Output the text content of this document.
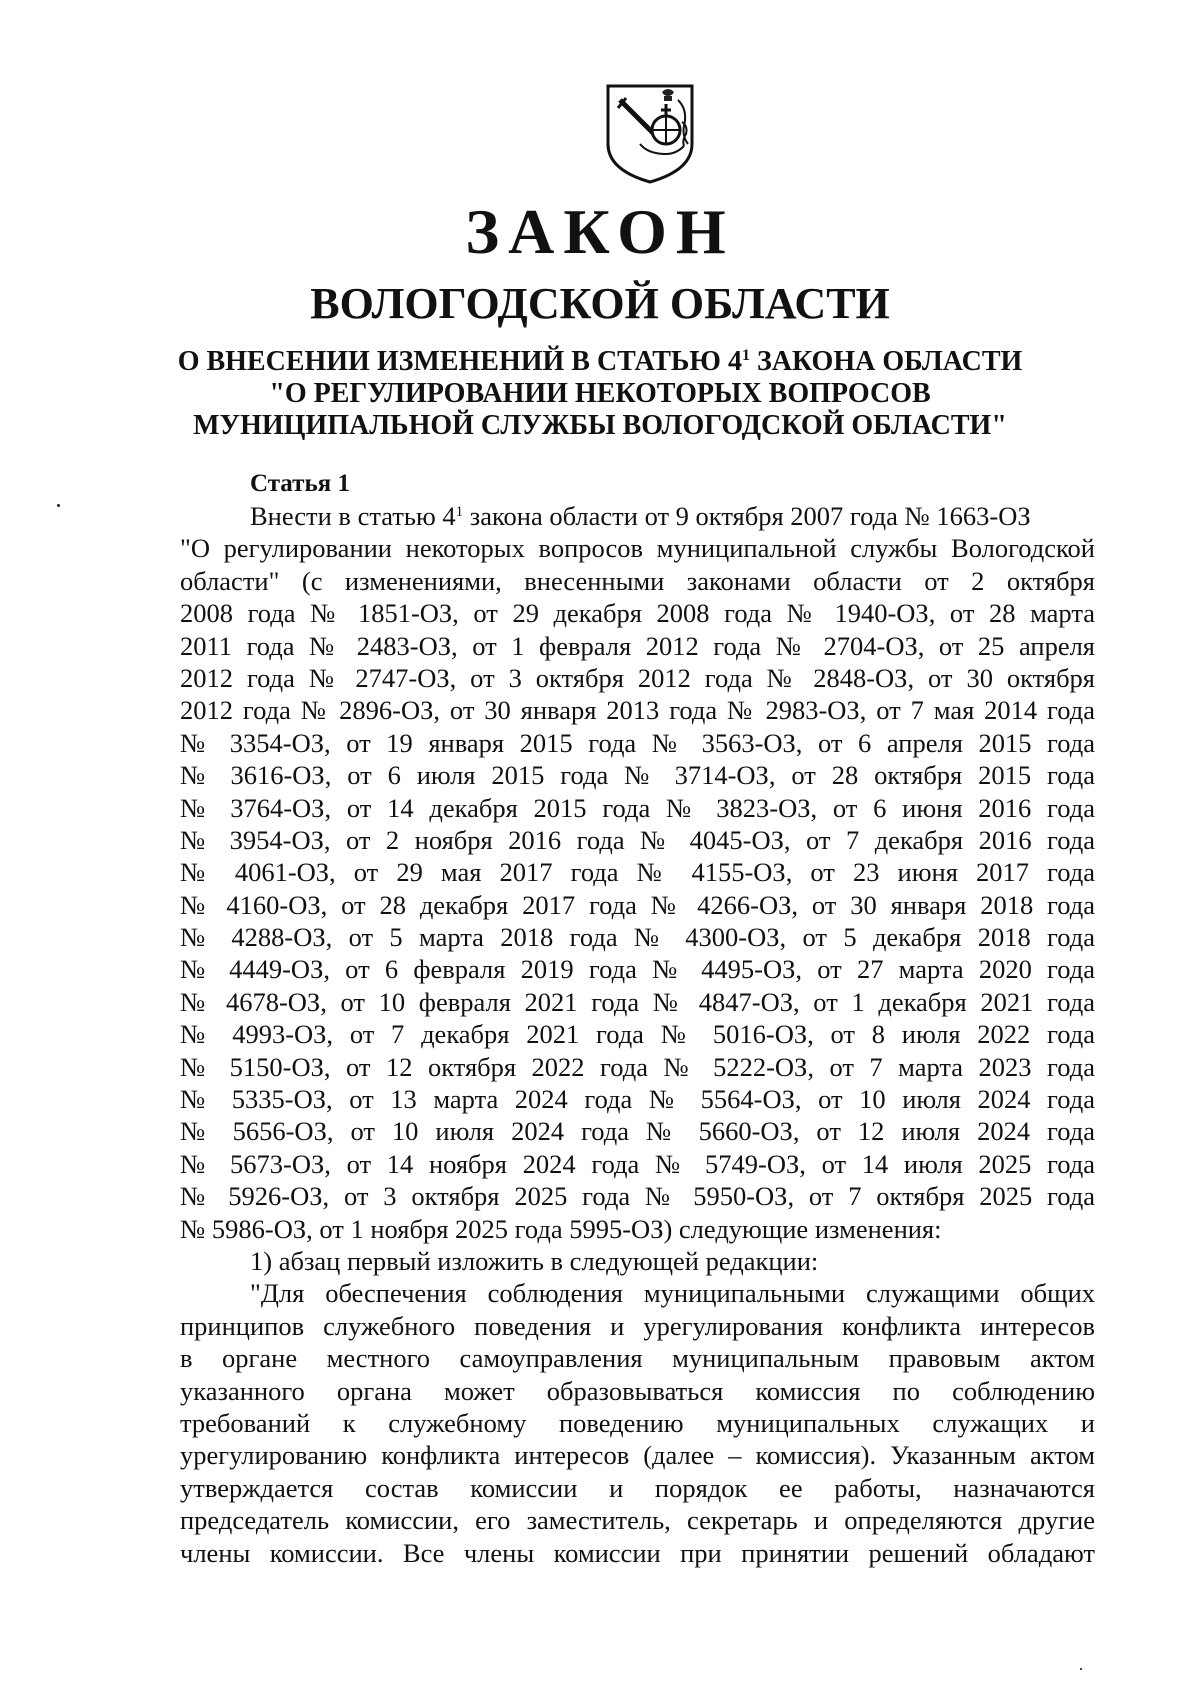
ЗАКОН
ВОЛОГОДСКОЙ ОБЛАСТИ
О ВНЕСЕНИИ ИЗМЕНЕНИЙ В СТАТЬЮ $4^1$ ЗАКОНА ОБЛАСТИ
"О РЕГУЛИРОВАНИИ НЕКОТОРЫХ ВОПРОСОВ
МУНИЦИПАЛЬНОЙ СЛУЖБЫ ВОЛОГОДСКОЙ ОБЛАСТИ"
Статья 1
Внести в статью $4^1$ закона области от 9 октября 2007 года № 1663-ОЗ
"О регулировании некоторых вопросов муниципальной службы Вологодской
области" (с изменениями, внесенными законами области от 2 октября
2008 года № 1851-ОЗ, от 29 декабря 2008 года № 1940-ОЗ, от 28 марта
2011 года № 2483-ОЗ, от 1 февраля 2012 года № 2704-ОЗ, от 25 апреля
2012 года № 2747-ОЗ, от 3 октября 2012 года № 2848-ОЗ, от 30 октября
2012 года № 2896-ОЗ, от 30 января 2013 года № 2983-ОЗ, от 7 мая 2014 года
№ 3354-ОЗ, от 19 января 2015 года № 3563-ОЗ, от 6 апреля 2015 года
№ 3616-ОЗ, от 6 июля 2015 года № 3714-ОЗ, от 28 октября 2015 года
№ 3764-ОЗ, от 14 декабря 2015 года № 3823-ОЗ, от 6 июня 2016 года
№ 3954-ОЗ, от 2 ноября 2016 года № 4045-ОЗ, от 7 декабря 2016 года
№ 4061-ОЗ, от 29 мая 2017 года № 4155-ОЗ, от 23 июня 2017 года
№ 4160-ОЗ, от 28 декабря 2017 года № 4266-ОЗ, от 30 января 2018 года
№ 4288-ОЗ, от 5 марта 2018 года № 4300-ОЗ, от 5 декабря 2018 года
№ 4449-ОЗ, от 6 февраля 2019 года № 4495-ОЗ, от 27 марта 2020 года
№ 4678-ОЗ, от 10 февраля 2021 года № 4847-ОЗ, от 1 декабря 2021 года
№ 4993-ОЗ, от 7 декабря 2021 года № 5016-ОЗ, от 8 июля 2022 года
№ 5150-ОЗ, от 12 октября 2022 года № 5222-ОЗ, от 7 марта 2023 года
№ 5335-ОЗ, от 13 марта 2024 года № 5564-ОЗ, от 10 июля 2024 года
№ 5656-ОЗ, от 10 июля 2024 года № 5660-ОЗ, от 12 июля 2024 года
№ 5673-ОЗ, от 14 ноября 2024 года № 5749-ОЗ, от 14 июля 2025 года
№ 5926-ОЗ, от 3 октября 2025 года № 5950-ОЗ, от 7 октября 2025 года
№ 5986-ОЗ, от 1 ноября 2025 года 5995-ОЗ) следующие изменения:
1) абзац первый изложить в следующей редакции:
"Для обеспечения соблюдения муниципальными служащими общих
принципов служебного поведения и урегулирования конфликта интересов
в органе местного самоуправления муниципальным правовым актом
указанного органа может образовываться комиссия по соблюдению
требований к служебному поведению муниципальных служащих и
урегулированию конфликта интересов (далее – комиссия). Указанным актом
утверждается состав комиссии и порядок ее работы, назначаются
председатель комиссии, его заместитель, секретарь и определяются другие
члены комиссии. Все члены комиссии при принятии решений обладают
